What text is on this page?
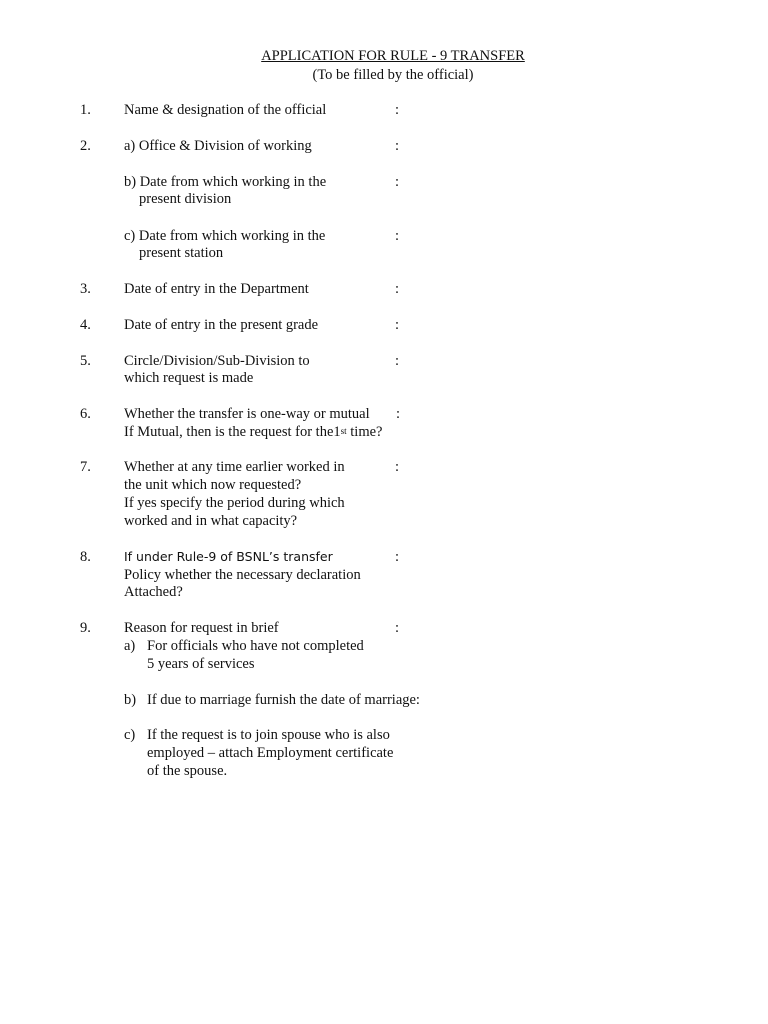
APPLICATION FOR RULE - 9 TRANSFER
(To be filled by the official)
1. Name & designation of the official	:
2. a) Office & Division of working	:
b) Date from which working in the
present division
:
c) Date from which working in the
present station
:
3. Date of entry in the Department	:
4. Date of entry in the present grade	:
5. Circle/Division/Sub-Division to
which request is made
:
6. Whether the transfer is one-way or mutual :
If Mutual, then is the request for the1st time?
7. Whether at any time earlier worked in
the unit which now requested?
If yes specify the period during which
worked and in what capacity?
:
8.	If under Rule-9 of BSNL’s transfer
Policy whether the necessary declaration
Attached?
:
9. Reason for request in brief	:
a) For officials who have not completed
5 years of services
b) If due to marriage furnish the date of marriage:
c) If the request is to join spouse who is also
employed – attach Employment certificate
of the spouse.
